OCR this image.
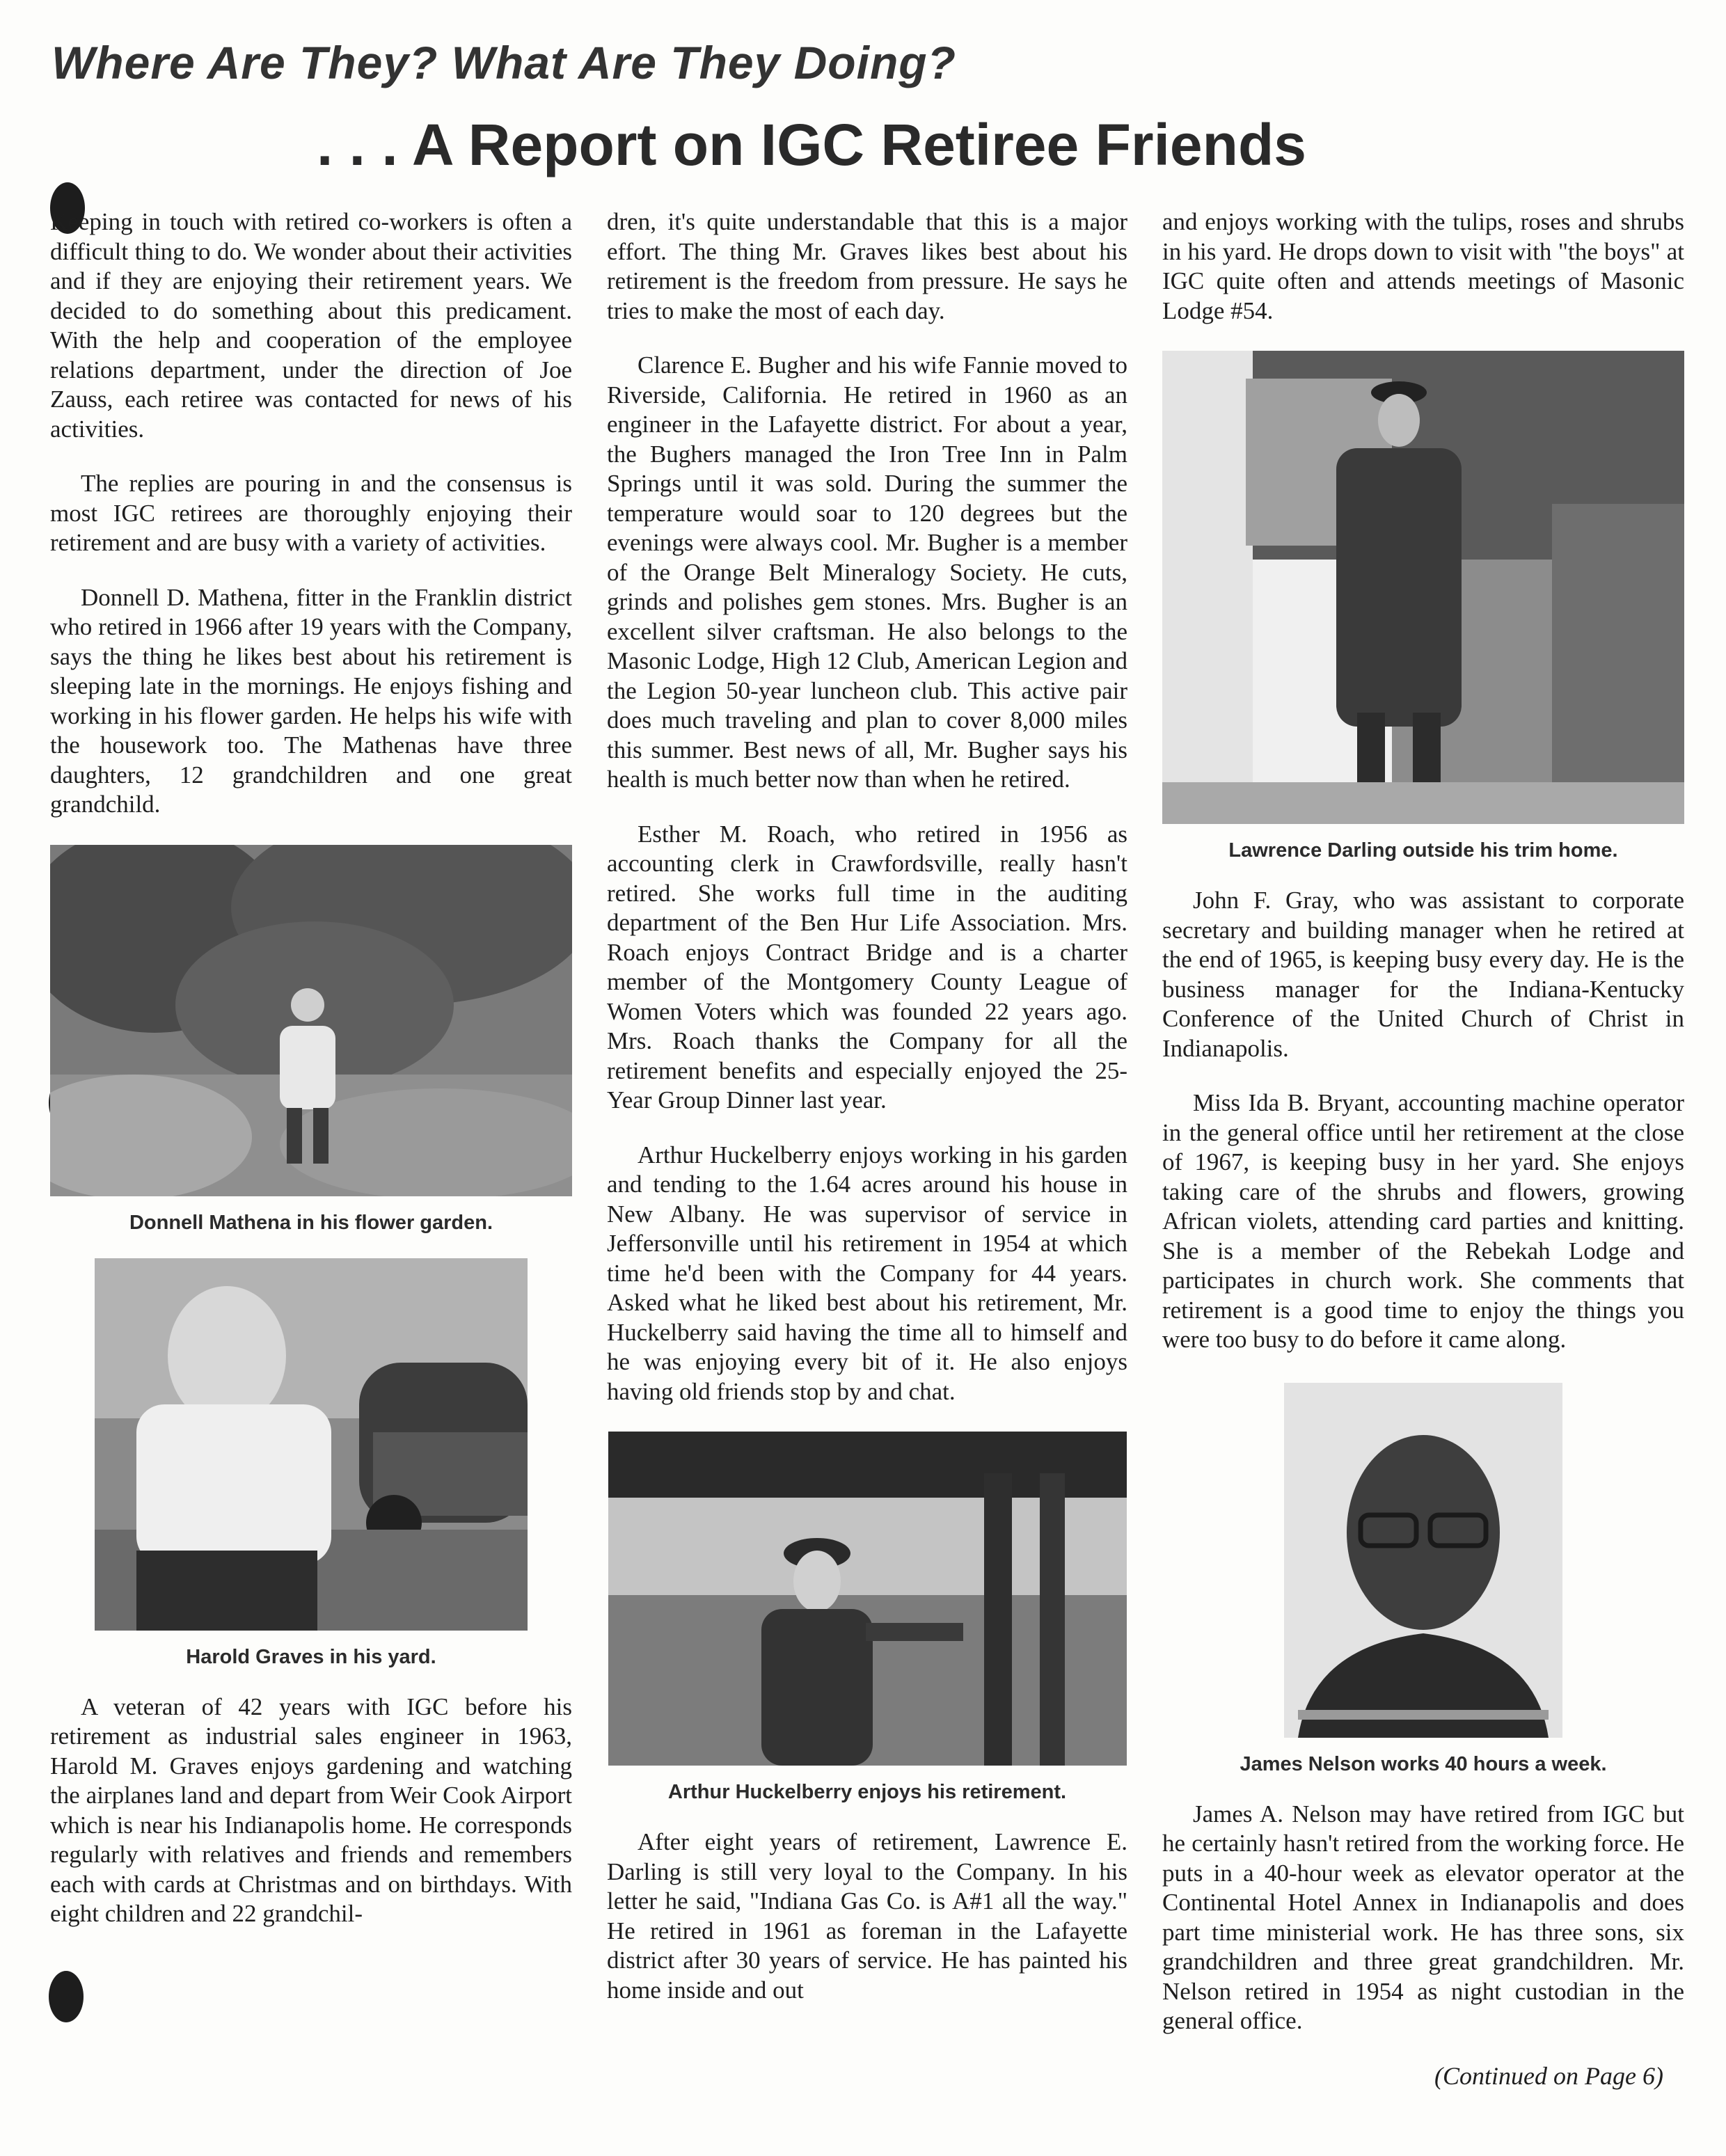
Where Are They? What Are They Doing?
. . . A Report on IGC Retiree Friends

Keeping in touch with retired co-workers is often a difficult thing to do. We wonder about their activities and if they are enjoying their retirement years. We decided to do something about this predicament. With the help and cooperation of the employee relations department, under the direction of Joe Zauss, each retiree was contacted for news of his activities.

The replies are pouring in and the consensus is most IGC retirees are thoroughly enjoying their retirement and are busy with a variety of activities.

Donnell D. Mathena, fitter in the Franklin district who retired in 1966 after 19 years with the Company, says the thing he likes best about his retirement is sleeping late in the mornings. He enjoys fishing and working in his flower garden. He helps his wife with the housework too. The Mathenas have three daughters, 12 grandchildren and one great grandchild.

Donnell Mathena in his flower garden.
Harold Graves in his yard.

A veteran of 42 years with IGC before his retirement as industrial sales engineer in 1963, Harold M. Graves enjoys gardening and watching the airplanes land and depart from Weir Cook Airport which is near his Indianapolis home. He corresponds regularly with relatives and friends and remembers each with cards at Christmas and on birthdays. With eight children and 22 grandchil-

dren, it's quite understandable that this is a major effort. The thing Mr. Graves likes best about his retirement is the freedom from pressure. He says he tries to make the most of each day.

Clarence E. Bugher and his wife Fannie moved to Riverside, California. He retired in 1960 as an engineer in the Lafayette district. For about a year, the Bughers managed the Iron Tree Inn in Palm Springs until it was sold. During the summer the temperature would soar to 120 degrees but the evenings were always cool. Mr. Bugher is a member of the Orange Belt Mineralogy Society. He cuts, grinds and polishes gem stones. Mrs. Bugher is an excellent silver craftsman. He also belongs to the Masonic Lodge, High 12 Club, American Legion and the Legion 50-year luncheon club. This active pair does much traveling and plan to cover 8,000 miles this summer. Best news of all, Mr. Bugher says his health is much better now than when he retired.

Esther M. Roach, who retired in 1956 as accounting clerk in Crawfordsville, really hasn't retired. She works full time in the auditing department of the Ben Hur Life Association. Mrs. Roach enjoys Contract Bridge and is a charter member of the Montgomery County League of Women Voters which was founded 22 years ago. Mrs. Roach thanks the Company for all the retirement benefits and especially enjoyed the 25-Year Group Dinner last year.

Arthur Huckelberry enjoys working in his garden and tending to the 1.64 acres around his house in New Albany. He was supervisor of service in Jeffersonville until his retirement in 1954 at which time he'd been with the Company for 44 years. Asked what he liked best about his retirement, Mr. Huckelberry said having the time all to himself and he was enjoying every bit of it. He also enjoys having old friends stop by and chat.

Arthur Huckelberry enjoys his retirement.

After eight years of retirement, Lawrence E. Darling is still very loyal to the Company. In his letter he said, "Indiana Gas Co. is A#1 all the way." He retired in 1961 as foreman in the Lafayette district after 30 years of service. He has painted his home inside and out

and enjoys working with the tulips, roses and shrubs in his yard. He drops down to visit with "the boys" at IGC quite often and attends meetings of Masonic Lodge #54.

Lawrence Darling outside his trim home.

John F. Gray, who was assistant to corporate secretary and building manager when he retired at the end of 1965, is keeping busy every day. He is the business manager for the Indiana-Kentucky Conference of the United Church of Christ in Indianapolis.

Miss Ida B. Bryant, accounting machine operator in the general office until her retirement at the close of 1967, is keeping busy in her yard. She enjoys taking care of the shrubs and flowers, growing African violets, attending card parties and knitting. She is a member of the Rebekah Lodge and participates in church work. She comments that retirement is a good time to enjoy the things you were too busy to do before it came along.

James Nelson works 40 hours a week.

James A. Nelson may have retired from IGC but he certainly hasn't retired from the working force. He puts in a 40-hour week as elevator operator at the Continental Hotel Annex in Indianapolis and does part time ministerial work. He has three sons, six grandchildren and three great grandchildren. Mr. Nelson retired in 1954 as night custodian in the general office.

(Continued on Page 6)
